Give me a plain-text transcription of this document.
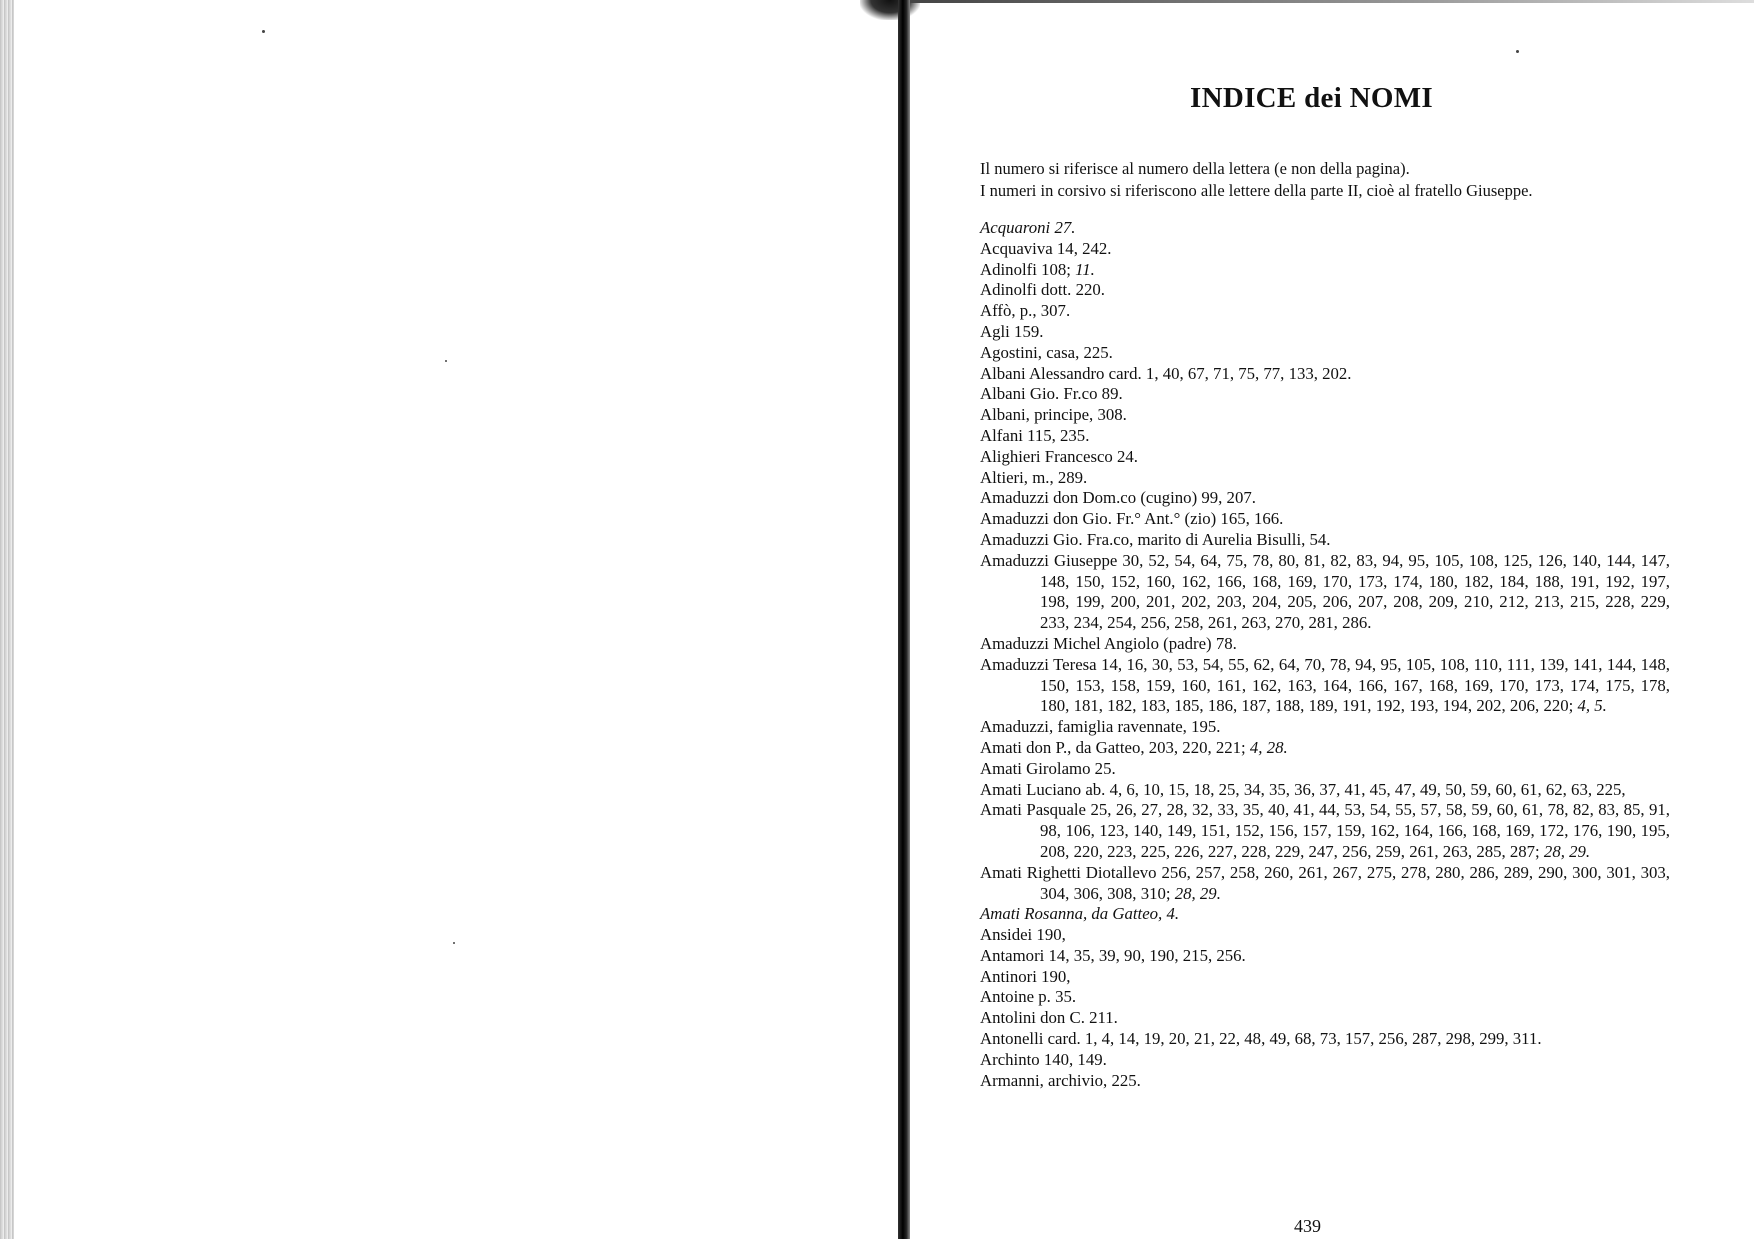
INDICE dei NOMI
Il numero si riferisce al numero della lettera (e non della pagina).
I numeri in corsivo si riferiscono alle lettere della parte II, cioè al fratello Giuseppe.
Acquaroni 27.
Acquaviva 14, 242.
Adinolfi 108; 11.
Adinolfi dott. 220.
Affò, p., 307.
Agli 159.
Agostini, casa, 225.
Albani Alessandro card. 1, 40, 67, 71, 75, 77, 133, 202.
Albani Gio. Fr.co 89.
Albani, principe, 308.
Alfani 115, 235.
Alighieri Francesco 24.
Altieri, m., 289.
Amaduzzi don Dom.co (cugino) 99, 207.
Amaduzzi don Gio. Fr.° Ant.° (zio) 165, 166.
Amaduzzi Gio. Fra.co, marito di Aurelia Bisulli, 54.
Amaduzzi Giuseppe 30, 52, 54, 64, 75, 78, 80, 81, 82, 83, 94, 95, 105, 108, 125, 126, 140, 144, 147, 148, 150, 152, 160, 162, 166, 168, 169, 170, 173, 174, 180, 182, 184, 188, 191, 192, 197, 198, 199, 200, 201, 202, 203, 204, 205, 206, 207, 208, 209, 210, 212, 213, 215, 228, 229, 233, 234, 254, 256, 258, 261, 263, 270, 281, 286.
Amaduzzi Michel Angiolo (padre) 78.
Amaduzzi Teresa 14, 16, 30, 53, 54, 55, 62, 64, 70, 78, 94, 95, 105, 108, 110, 111, 139, 141, 144, 148, 150, 153, 158, 159, 160, 161, 162, 163, 164, 166, 167, 168, 169, 170, 173, 174, 175, 178, 180, 181, 182, 183, 185, 186, 187, 188, 189, 191, 192, 193, 194, 202, 206, 220; 4, 5.
Amaduzzi, famiglia ravennate, 195.
Amati don P., da Gatteo, 203, 220, 221; 4, 28.
Amati Girolamo 25.
Amati Luciano ab. 4, 6, 10, 15, 18, 25, 34, 35, 36, 37, 41, 45, 47, 49, 50, 59, 60, 61, 62, 63, 225,
Amati Pasquale 25, 26, 27, 28, 32, 33, 35, 40, 41, 44, 53, 54, 55, 57, 58, 59, 60, 61, 78, 82, 83, 85, 91, 98, 106, 123, 140, 149, 151, 152, 156, 157, 159, 162, 164, 166, 168, 169, 172, 176, 190, 195, 208, 220, 223, 225, 226, 227, 228, 229, 247, 256, 259, 261, 263, 285, 287; 28, 29.
Amati Righetti Diotallevo 256, 257, 258, 260, 261, 267, 275, 278, 280, 286, 289, 290, 300, 301, 303, 304, 306, 308, 310; 28, 29.
Amati Rosanna, da Gatteo, 4.
Ansidei 190,
Antamori 14, 35, 39, 90, 190, 215, 256.
Antinori 190,
Antoine p. 35.
Antolini don C. 211.
Antonelli card. 1, 4, 14, 19, 20, 21, 22, 48, 49, 68, 73, 157, 256, 287, 298, 299, 311.
Archinto 140, 149.
Armanni, archivio, 225.
439
